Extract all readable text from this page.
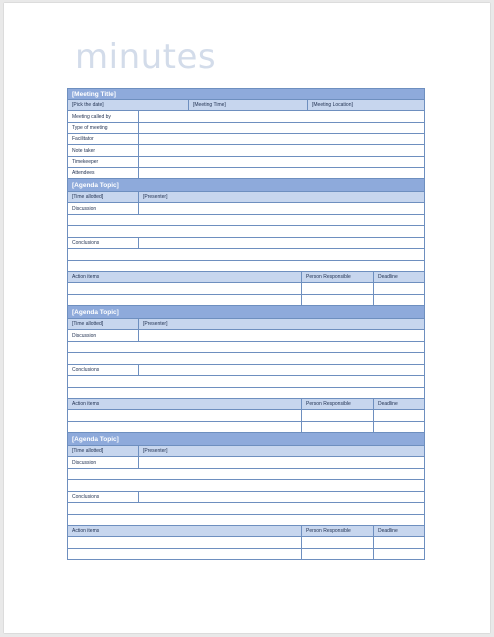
minutes
[Meeting Title]
[Pick the date]	[Meeting Time]	[Meeting Location]
Meeting called by
Type of meeting
Facilitator
Note taker
Timekeeper
Attendees
[Agenda Topic]
[Time allotted]	[Presenter]
Discussion
Conclusions
Action items	Person Responsible	Deadline
[Agenda Topic]
[Time allotted]	[Presenter]
Discussion
Conclusions
Action items	Person Responsible	Deadline
[Agenda Topic]
[Time allotted]	[Presenter]
Discussion
Conclusions
Action items	Person Responsible	Deadline
